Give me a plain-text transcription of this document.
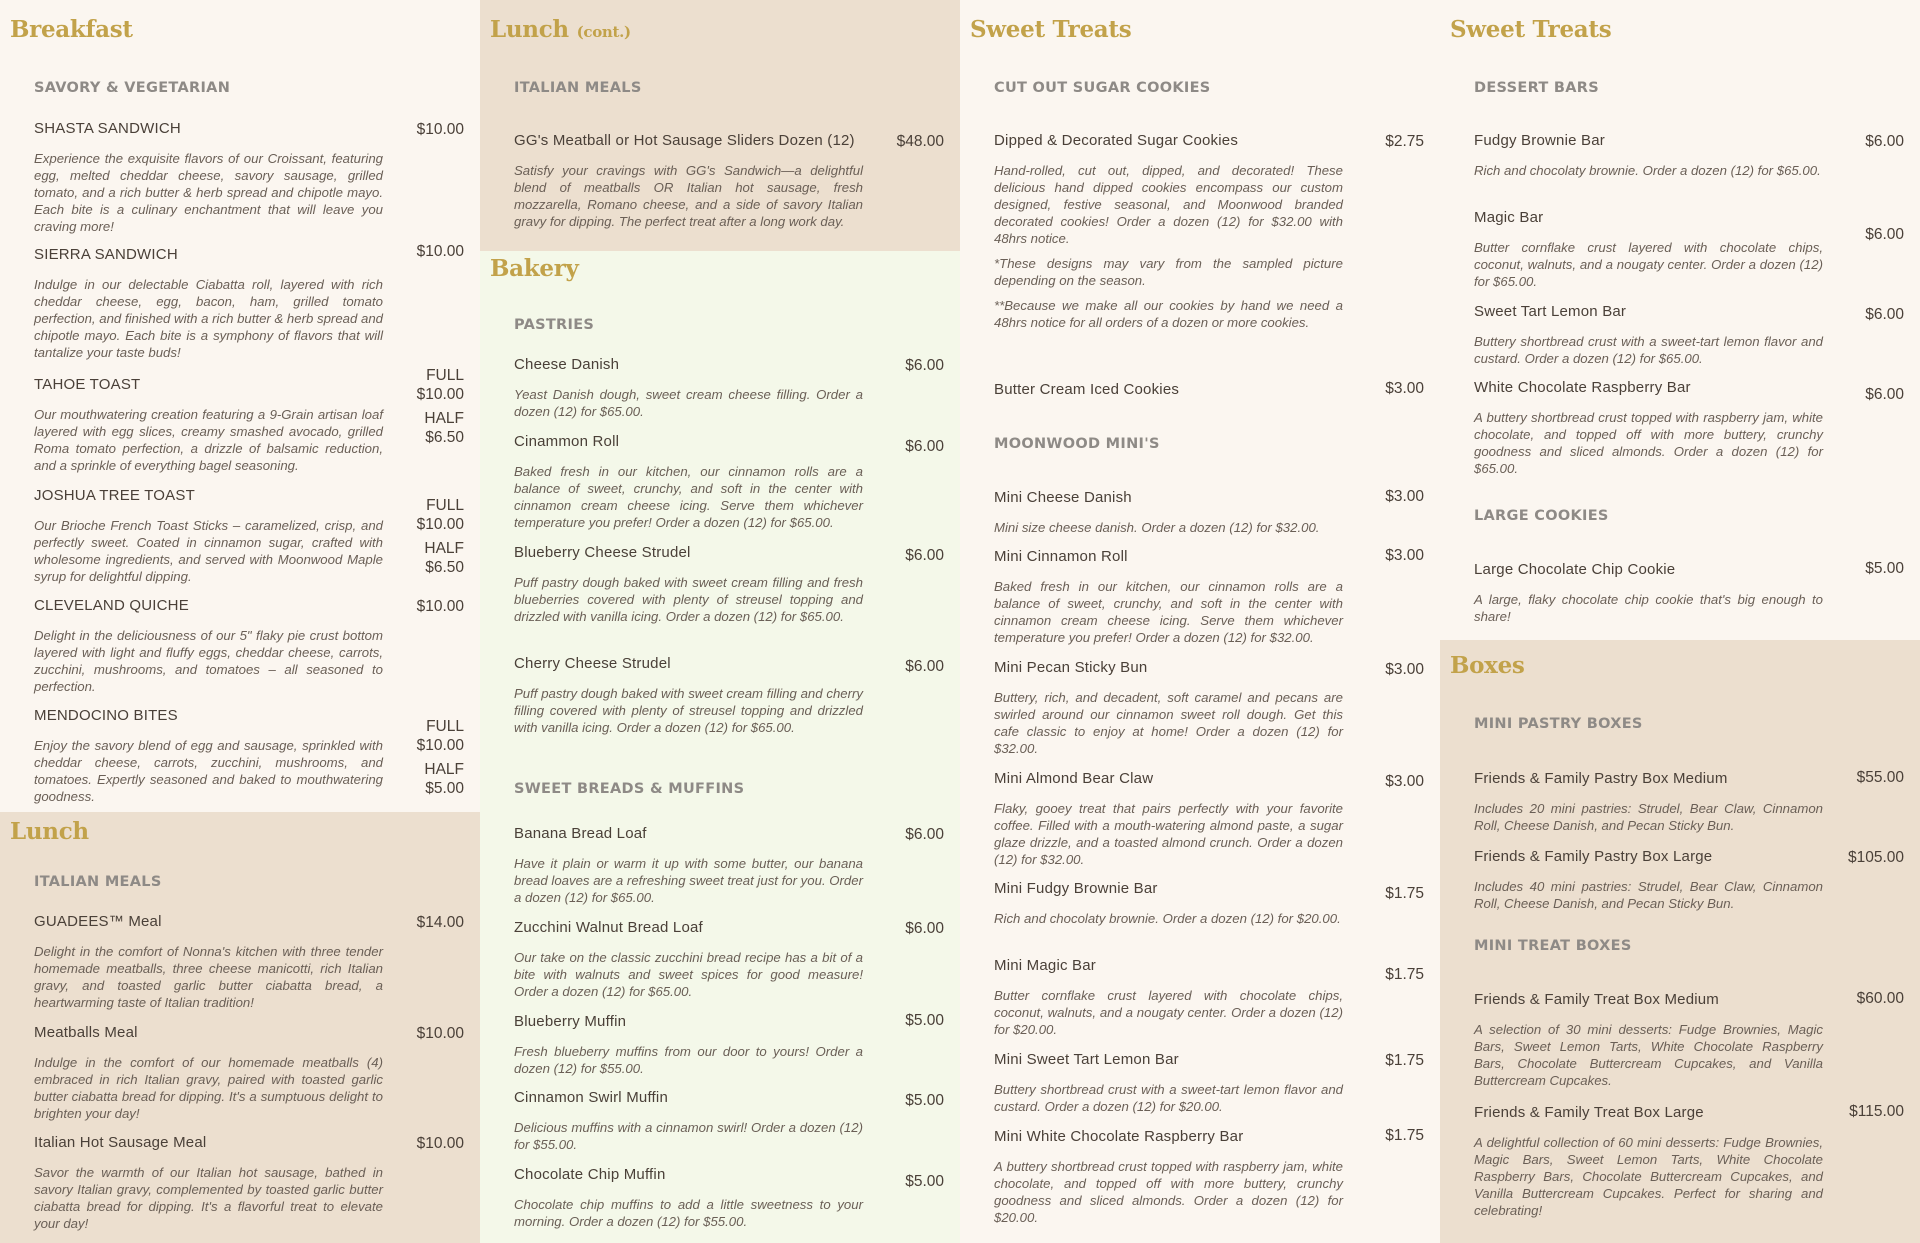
Breakfast
SAVORY & VEGETARIAN
SHASTA SANDWICH	$10.00
Experience the exquisite flavors of our Croissant, featuring egg, melted cheddar cheese, savory sausage, grilled tomato, and a rich butter & herb spread and chipotle mayo. Each bite is a culinary enchantment that will leave you craving more!
SIERRA SANDWICH	$10.00
Indulge in our delectable Ciabatta roll, layered with rich cheddar cheese, egg, bacon, ham, grilled tomato perfection, and finished with a rich butter & herb spread and chipotle mayo. Each bite is a symphony of flavors that will tantalize your taste buds!
TAHOE TOAST
FULL
$10.00
HALF
$6.50
Our mouthwatering creation featuring a 9-Grain artisan loaf layered with egg slices, creamy smashed avocado, grilled Roma tomato perfection, a drizzle of balsamic reduction, and a sprinkle of everything bagel seasoning.
JOSHUA TREE TOAST
FULL
$10.00
HALF
$6.50
Our Brioche French Toast Sticks – caramelized, crisp, and perfectly sweet. Coated in cinnamon sugar, crafted with wholesome ingredients, and served with Moonwood Maple syrup for delightful dipping.
CLEVELAND QUICHE	$10.00
Delight in the deliciousness of our 5" flaky pie crust bottom layered with light and fluffy eggs, cheddar cheese, carrots, zucchini, mushrooms, and tomatoes – all seasoned to perfection.
MENDOCINO BITES
FULL
$10.00
HALF
$5.00
Enjoy the savory blend of egg and sausage, sprinkled with cheddar cheese, carrots, zucchini, mushrooms, and tomatoes. Expertly seasoned and baked to mouthwatering goodness.
Lunch
ITALIAN MEALS
GUADEES™ Meal	$14.00
Delight in the comfort of Nonna's kitchen with three tender homemade meatballs, three cheese manicotti, rich Italian gravy, and toasted garlic butter ciabatta bread, a heartwarming taste of Italian tradition!
Meatballs Meal	$10.00
Indulge in the comfort of our homemade meatballs (4) embraced in rich Italian gravy, paired with toasted garlic butter ciabatta bread for dipping. It's a sumptuous delight to brighten your day!
Italian Hot Sausage Meal	$10.00
Savor the warmth of our Italian hot sausage, bathed in savory Italian gravy, complemented by toasted garlic butter ciabatta bread for dipping. It's a flavorful treat to elevate your day!
Lunch (cont.)
ITALIAN MEALS
GG's Meatball or Hot Sausage Sliders Dozen (12)	$48.00
Satisfy your cravings with GG's Sandwich—a delightful blend of meatballs OR Italian hot sausage, fresh mozzarella, Romano cheese, and a side of savory Italian gravy for dipping. The perfect treat after a long work day.
Bakery
PASTRIES
Cheese Danish	$6.00
Yeast Danish dough, sweet cream cheese filling. Order a dozen (12) for $65.00.
Cinammon Roll	$6.00
Baked fresh in our kitchen, our cinnamon rolls are a balance of sweet, crunchy, and soft in the center with cinnamon cream cheese icing. Serve them whichever temperature you prefer! Order a dozen (12) for $65.00.
Blueberry Cheese Strudel	$6.00
Puff pastry dough baked with sweet cream filling and fresh blueberries covered with plenty of streusel topping and drizzled with vanilla icing. Order a dozen (12) for $65.00.
Cherry Cheese Strudel	$6.00
Puff pastry dough baked with sweet cream filling and cherry filling covered with plenty of streusel topping and drizzled with vanilla icing. Order a dozen (12) for $65.00.
SWEET BREADS & MUFFINS
Banana Bread Loaf	$6.00
Have it plain or warm it up with some butter, our banana bread loaves are a refreshing sweet treat just for you. Order a dozen (12) for $65.00.
Zucchini Walnut Bread Loaf	$6.00
Our take on the classic zucchini bread recipe has a bit of a bite with walnuts and sweet spices for good measure! Order a dozen (12) for $65.00.
Blueberry Muffin	$5.00
Fresh blueberry muffins from our door to yours! Order a dozen (12) for $55.00.
Cinnamon Swirl Muffin	$5.00
Delicious muffins with a cinnamon swirl! Order a dozen (12) for $55.00.
Chocolate Chip Muffin	$5.00
Chocolate chip muffins to add a little sweetness to your morning. Order a dozen (12) for $55.00.
Sweet Treats
CUT OUT SUGAR COOKIES
Dipped & Decorated Sugar Cookies	$2.75

Hand-rolled, cut out, dipped, and decorated! These delicious hand dipped cookies encompass our custom designed, festive seasonal, and Moonwood branded decorated cookies! Order a dozen (12) for $32.00 with 48hrs notice.

*These designs may vary from the sampled picture depending on the season.

**Because we make all our cookies by hand we need a 48hrs notice for all orders of a dozen or more cookies.

Butter Cream Iced Cookies	$3.00
MOONWOOD MINI'S
Mini Cheese Danish	$3.00
Mini size cheese danish. Order a dozen (12) for $32.00.
Mini Cinnamon Roll	$3.00
Baked fresh in our kitchen, our cinnamon rolls are a balance of sweet, crunchy, and soft in the center with cinnamon cream cheese icing. Serve them whichever temperature you prefer! Order a dozen (12) for $32.00.
Mini Pecan Sticky Bun	$3.00
Buttery, rich, and decadent, soft caramel and pecans are swirled around our cinnamon sweet roll dough. Get this cafe classic to enjoy at home! Order a dozen (12) for $32.00.
Mini Almond Bear Claw	$3.00
Flaky, gooey treat that pairs perfectly with your favorite coffee. Filled with a mouth-watering almond paste, a sugar glaze drizzle, and a toasted almond crunch. Order a dozen (12) for $32.00.
Mini Fudgy Brownie Bar	$1.75
Rich and chocolaty brownie. Order a dozen (12) for $20.00.
Mini Magic Bar
$1.75
Butter cornflake crust layered with chocolate chips, coconut, walnuts, and a nougaty center. Order a dozen (12) for $20.00.
Mini Sweet Tart Lemon Bar	$1.75
Buttery shortbread crust with a sweet-tart lemon flavor and custard. Order a dozen (12) for $20.00.
Mini White Chocolate Raspberry Bar	$1.75
A buttery shortbread crust topped with raspberry jam, white chocolate, and topped off with more buttery, crunchy goodness and sliced almonds. Order a dozen (12) for $20.00.
Sweet Treats
DESSERT BARS
Fudgy Brownie Bar	$6.00
Rich and chocolaty brownie. Order a dozen (12) for $65.00.
Magic Bar
$6.00
Butter cornflake crust layered with chocolate chips, coconut, walnuts, and a nougaty center. Order a dozen (12) for $65.00.
Sweet Tart Lemon Bar	$6.00
Buttery shortbread crust with a sweet-tart lemon flavor and custard. Order a dozen (12) for $65.00.
White Chocolate Raspberry Bar	$6.00
A buttery shortbread crust topped with raspberry jam, white chocolate, and topped off with more buttery, crunchy goodness and sliced almonds. Order a dozen (12) for $65.00.
LARGE COOKIES
Large Chocolate Chip Cookie	$5.00
A large, flaky chocolate chip cookie that's big enough to share!
Boxes
MINI PASTRY BOXES
Friends & Family Pastry Box Medium	$55.00
Includes 20 mini pastries: Strudel, Bear Claw, Cinnamon Roll, Cheese Danish, and Pecan Sticky Bun.
Friends & Family Pastry Box Large	$105.00
Includes 40 mini pastries: Strudel, Bear Claw, Cinnamon Roll, Cheese Danish, and Pecan Sticky Bun.
MINI TREAT BOXES
Friends & Family Treat Box Medium	$60.00
A selection of 30 mini desserts: Fudge Brownies, Magic Bars, Sweet Lemon Tarts, White Chocolate Raspberry Bars, Chocolate Buttercream Cupcakes, and Vanilla Buttercream Cupcakes.
Friends & Family Treat Box Large	$115.00
A delightful collection of 60 mini desserts: Fudge Brownies, Magic Bars, Sweet Lemon Tarts, White Chocolate Raspberry Bars, Chocolate Buttercream Cupcakes, and Vanilla Buttercream Cupcakes. Perfect for sharing and celebrating!
